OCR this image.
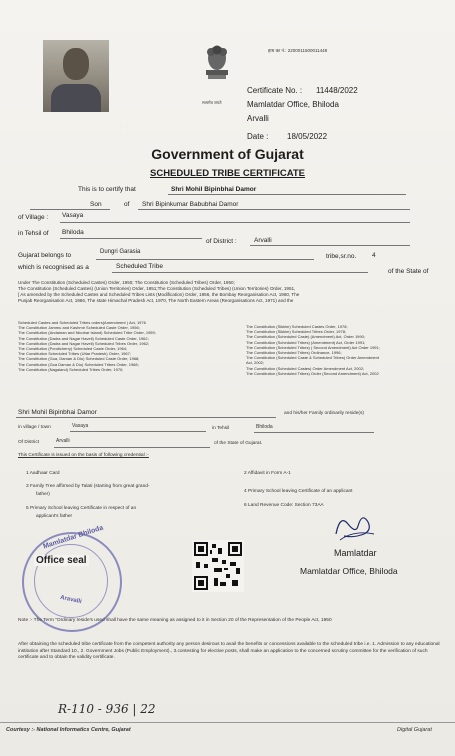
सत्यमेव जयते
हाथ का नं.: 2200011500011448
Certificate No. : 11448/2022
Mamlatdar Office, Bhiloda
Arvalli
Date : 18/05/2022
Government of Gujarat
SCHEDULED TRIBE CERTIFICATE
This is to certify that	Shri Mohil Bipinbhai Damor
Son	of Shri Bipinkumar Babubhai Damor
of Village : Vasaya
in Tehsil of Bhiloda
of District :	Arvalli
Gujarat belongs to	Dungri Garasia
tribe,sr.no. 4
which is recognised as a	Scheduled Tribe
of the State of
Under The Constitution (Scheduled Castes) Order, 1950; The Constitution (Scheduled Tribes) Order, 1950;
The Constitution (Scheduled Castes) (Union Territories) Order, 1951;The Constitution (Scheduled Tribes) (Union Territories) Order, 1951,
[ As amended by the Scheduled Castes and Scheduled Tribes Lists (Modification) Order, 1956, the Bombay Reorganisation Act, 1960, The
Punjab Reorganisation Act, 1966, The state Himachal Pradesh Act, 1970, The North Eastern Areas (Reorganisations Act, 1971) and the
Scheduled Castes and Scheduled Tribes orders(Amendment ) Act, 1976
The Constitution Jammu and Kashmir Scheduled Caste Order, 1956;
The Constitution (Andaman and Nicobar Island) Scheduled Tribe Order, 1959;
The Constitution (Dadra and Nagar Haveli) Scheduled Caste Order, 1962;
The Constitution (Dadra and Nagar Haveli) Scheduled Tribes Order, 1962;
The Constitution (Pondicherry) Scheduled Caste Order, 1964;
The Constitution Scheduled Tribes (Uttar Pradesh) Order, 1967;
The Constitution (Goa, Daman & Diu) Scheduled Caste Order, 1968;
The Constitution (Goa Daman & Diu) Scheduled Tribes Order, 1968;
The Constitution (Nagaland) Scheduled Tribes Order, 1970;
The Constitution (Sikkim) Scheduled Castes Order, 1978;
The Constitution (Sikkim) Scheduled Tribes Order, 1978;
The Constitution (Scheduled Caste) (Amendment) Act, Order 1990;
The Constitution (Scheduled Tribes) (Amendment) Act, Order 1991;
The Constitution (Scheduled Tribes) ( Second Amendment) Act Order 1991;
The Constitution (Scheduled Tribes) Ordinance, 1996;
The Constitution (Scheduled Caste & Scheduled Tribes) Order Amendment
Act, 2002;
The Constitution (Scheduled Castes) Order Amendment Act, 2002;
The Constitution (Scheduled Tribes) Order (Second Amendment) Act, 2002
Shri Mohil Bipinbhai Damor	and his/her Family ordinarily reside(s)
in village / town	Vasaya	in Tehsil	Bhiloda
Of District	Arvalli	of the State of Gujarat.
This Certificate is issued on the basis of following credential :-
1 Aadhaar Card	2 Affidavit in Form A-1
3 Family Tree affirmed by Talati (starting from great grand-
father)
4 Primary School leaving Certificate of an applicant
5 Primary School leaving Certificate in respect of an
applicant's father
6 Land Revenue Code: Section 73AA
Mamlatdar Bhiloda
Office seal
Aravalli
Mamlatdar
Mamlatdar Office, Bhiloda
Note :- The Term "Ordinary reside's used shall have the same meaning as assigned to it in Section 20 of the Representation of the People Act, 1950
After obtaining the scheduled tribe certificate from the competent authority any person desirous to avail the benefits or concessions available to the scheduled tribe i.e. 1. Admission to any educational institution after Standard 10., 2. Government Jobs (Public Employment)., 3.contesting for elective posts, shall make an application to the concerned scrutiny committee for the verification of such certificate and to obtain the validity certificate.
R-110 - 936 | 22
Courtesy :- National Informatics Centre, Gujarat	Digital Gujarat
